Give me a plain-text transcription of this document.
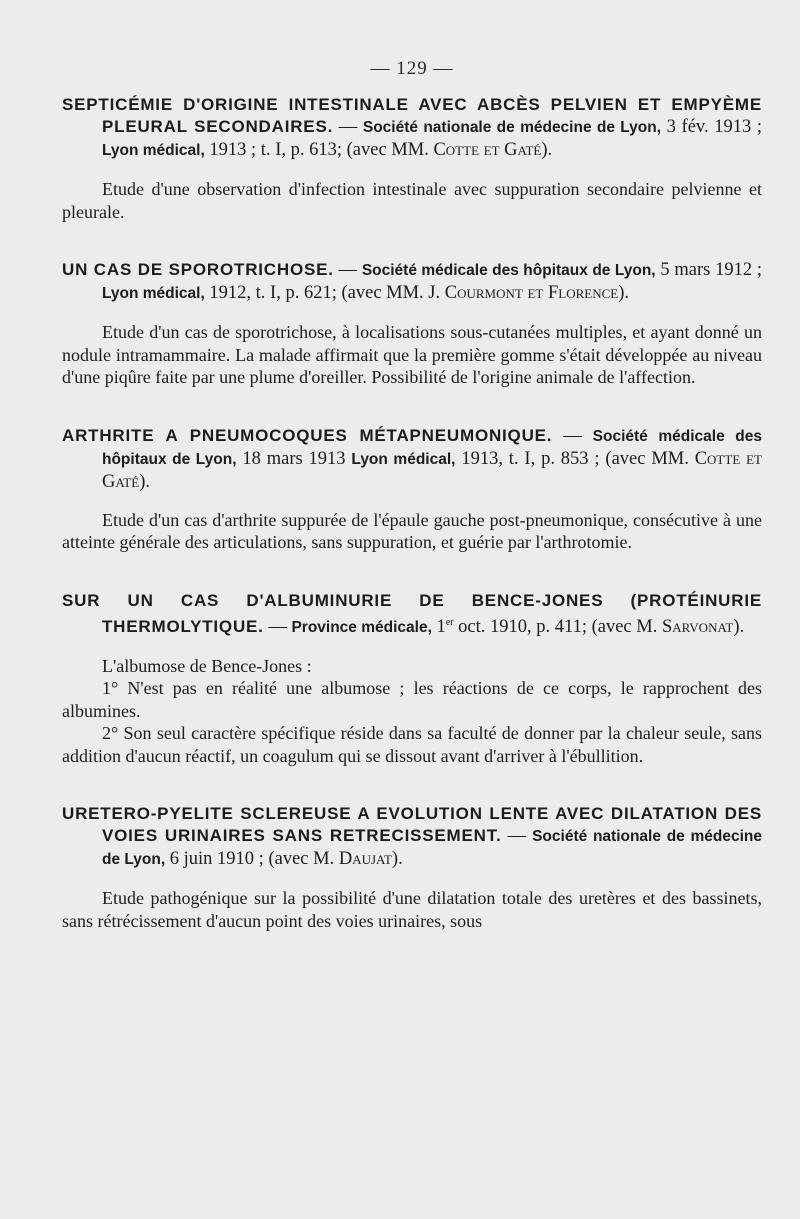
— 129 —

SEPTICÉMIE D'ORIGINE INTESTINALE AVEC ABCÈS PELVIEN ET EMPYÈME PLEURAL SECONDAIRES. — Société nationale de médecine de Lyon, 3 fév. 1913 ; Lyon médical, 1913 ; t. I, p. 613; (avec MM. Cotte et Gaté).

Etude d'une observation d'infection intestinale avec suppuration secondaire pelvienne et pleurale.

UN CAS DE SPOROTRICHOSE. — Société médicale des hôpitaux de Lyon, 5 mars 1912 ; Lyon médical, 1912, t. I, p. 621; (avec MM. J. Courmont et Florence).

Etude d'un cas de sporotrichose, à localisations sous-cutanées multiples, et ayant donné un nodule intramammaire. La malade affirmait que la première gomme s'était développée au niveau d'une piqûre faite par une plume d'oreiller. Possibilité de l'origine animale de l'affection.

ARTHRITE A PNEUMOCOQUES MÉTAPNEUMONIQUE. — Société médicale des hôpitaux de Lyon, 18 mars 1913 Lyon médical, 1913, t. I, p. 853 ; (avec MM. Cotte et Gaté).

Etude d'un cas d'arthrite suppurée de l'épaule gauche post-pneumonique, consécutive à une atteinte générale des articulations, sans suppuration, et guérie par l'arthrotomie.

SUR UN CAS D'ALBUMINURIE DE BENCE-JONES (PROTÉINURIE THERMOLYTIQUE. — Province médicale, 1er oct. 1910, p. 411; (avec M. Sarvonat).

L'albumose de Bence-Jones :

1° N'est pas en réalité une albumose ; les réactions de ce corps, le rapprochent des albumines.

2° Son seul caractère spécifique réside dans sa faculté de donner par la chaleur seule, sans addition d'aucun réactif, un coagulum qui se dissout avant d'arriver à l'ébullition.

URETERO-PYELITE SCLEREUSE A EVOLUTION LENTE AVEC DILATATION DES VOIES URINAIRES SANS RETRECISSEMENT. — Société nationale de médecine de Lyon, 6 juin 1910 ; (avec M. Daujat).

Etude pathogénique sur la possibilité d'une dilatation totale des uretères et des bassinets, sans rétrécissement d'aucun point des voies urinaires, sous
